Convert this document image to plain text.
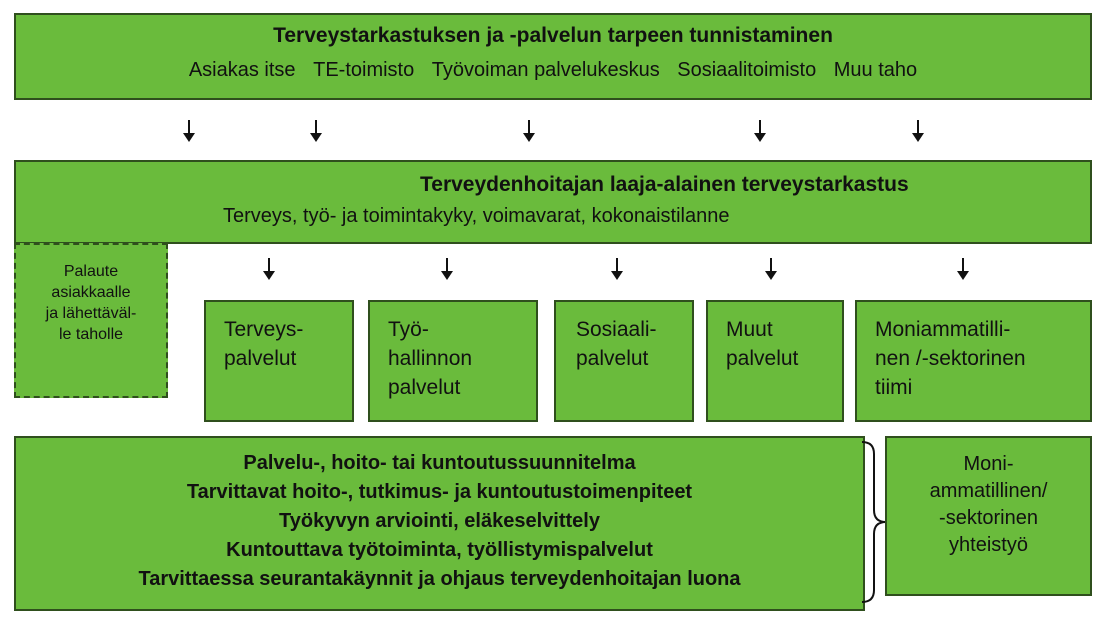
Terveystarkastuksen ja -palvelun tarpeen tunnistaminen
Asiakas itse TE-toimisto Työvoiman palvelukeskus Sosiaalitoimisto Muu taho
Terveydenhoitajan laaja-alainen terveystarkastus
Terveys, työ- ja toimintakyky, voimavarat, kokonaistilanne
Palaute
asiakkaalle
ja lähettäväl-
le taholle	Terveys-
palvelut
Työ-
hallinnon
palvelut
Sosiaali-
palvelut
Muut
palvelut
Moniammatilli-
nen /-sektorinen
tiimi
Palvelu-, hoito- tai kuntoutussuunnitelma
Tarvittavat hoito-, tutkimus- ja kuntoutustoimenpiteet
Työkyvyn arviointi, eläkeselvittely
Kuntouttava työtoiminta, työllistymispalvelut
Tarvittaessa seurantakäynnit ja ohjaus terveydenhoitajan luona
Moni-
ammatillinen/
-sektorinen
yhteistyö
